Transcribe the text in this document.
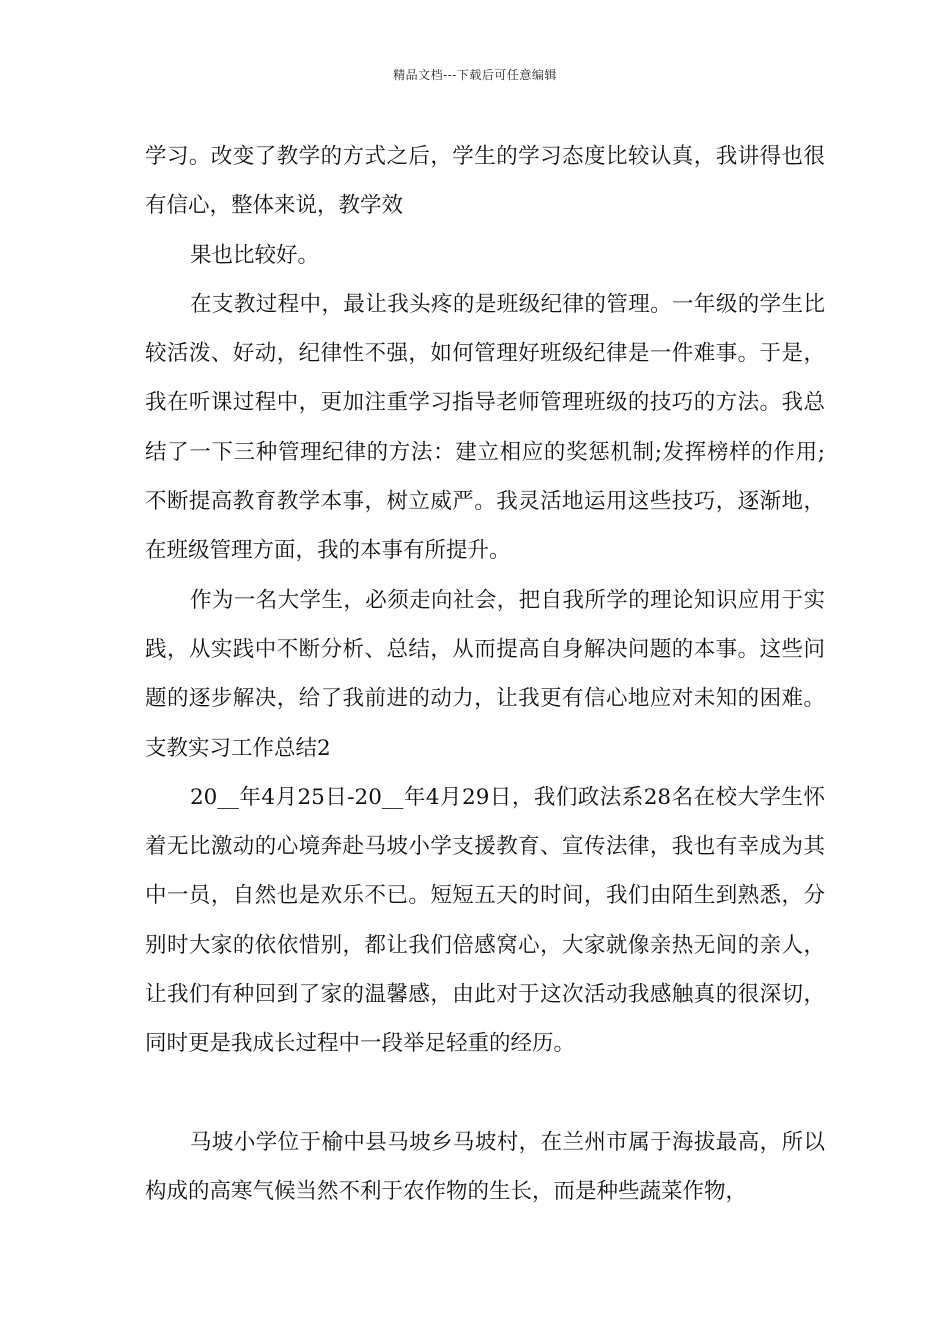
精品文档---下载后可任意编辑

学习。改变了教学的方式之后，学生的学习态度比较认真，我讲得也很有信心，整体来说，教学效

果也比较好。

在支教过程中，最让我头疼的是班级纪律的管理。一年级的学生比较活泼、好动，纪律性不强，如何管理好班级纪律是一件难事。于是，我在听课过程中，更加注重学习指导老师管理班级的技巧的方法。我总结了一下三种管理纪律的方法：建立相应的奖惩机制;发挥榜样的作用;不断提高教育教学本事，树立威严。我灵活地运用这些技巧，逐渐地，在班级管理方面，我的本事有所提升。

作为一名大学生，必须走向社会，把自我所学的理论知识应用于实践，从实践中不断分析、总结，从而提高自身解决问题的本事。这些问题的逐步解决，给了我前进的动力，让我更有信心地应对未知的困难。支教实习工作总结2

20__年4月25日-20__年4月29日，我们政法系28名在校大学生怀着无比激动的心境奔赴马坡小学支援教育、宣传法律，我也有幸成为其中一员，自然也是欢乐不已。短短五天的时间，我们由陌生到熟悉，分别时大家的依依惜别，都让我们倍感窝心，大家就像亲热无间的亲人，让我们有种回到了家的温馨感，由此对于这次活动我感触真的很深切，同时更是我成长过程中一段举足轻重的经历。

马坡小学位于榆中县马坡乡马坡村，在兰州市属于海拔最高，所以构成的高寒气候当然不利于农作物的生长，而是种些蔬菜作物，
